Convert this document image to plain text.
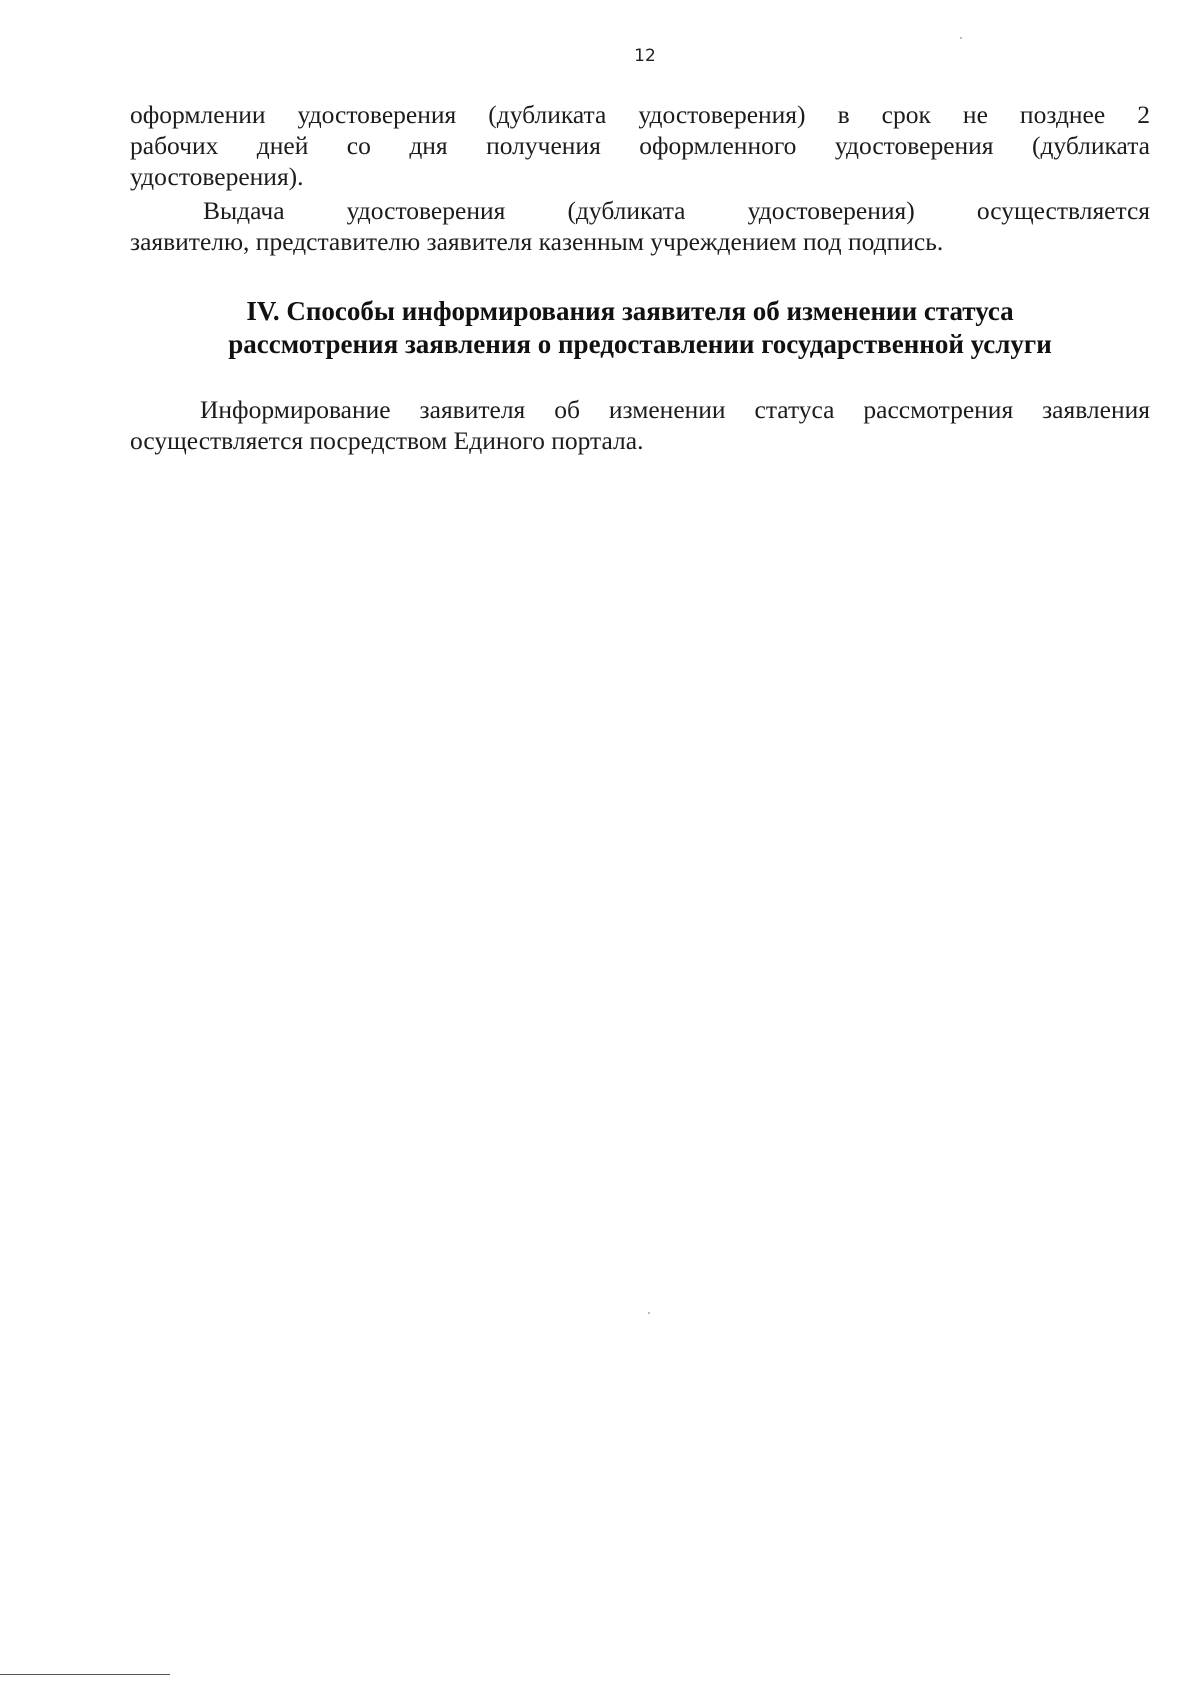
12
оформлении удостоверения (дубликата удостоверения) в срок не позднее 2
рабочих дней со дня получения оформленного удостоверения (дубликата
удостоверения).
Выдача удостоверения (дубликата удостоверения) осуществляется
заявителю, представителю заявителя казенным учреждением под подпись.
IV. Способы информирования заявителя об изменении статуса
рассмотрения заявления о предоставлении государственной услуги
Информирование заявителя об изменении статуса рассмотрения заявления
осуществляется посредством Единого портала.
